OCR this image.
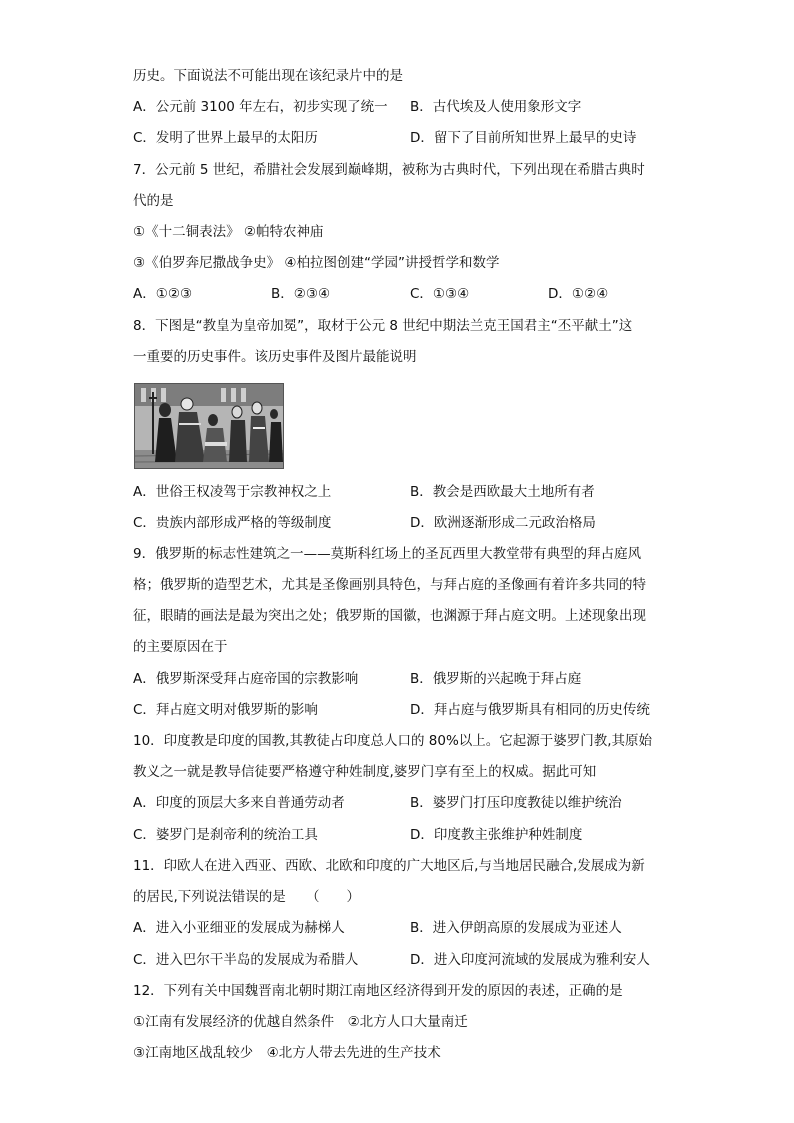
历史。下面说法不可能出现在该纪录片中的是
A．公元前 3100 年左右，初步实现了统一 B．古代埃及人使用象形文字
C．发明了世界上最早的太阳历	D．留下了目前所知世界上最早的史诗
7．公元前 5 世纪，希腊社会发展到巅峰期，被称为古典时代，下列出现在希腊古典时
代的是
①《十二铜表法》 ②帕特农神庙
③《伯罗奔尼撒战争史》 ④柏拉图创建“学园”讲授哲学和数学
A．①②③	B．②③④	C．①③④	D．①②④
8．下图是“教皇为皇帝加冕”，取材于公元 8 世纪中期法兰克王国君主“丕平献土”这
一重要的历史事件。该历史事件及图片最能说明
A．世俗王权凌驾于宗教神权之上	B．教会是西欧最大土地所有者
C．贵族内部形成严格的等级制度	D．欧洲逐渐形成二元政治格局
9．俄罗斯的标志性建筑之一——莫斯科红场上的圣瓦西里大教堂带有典型的拜占庭风
格；俄罗斯的造型艺术，尤其是圣像画别具特色，与拜占庭的圣像画有着许多共同的特
征，眼睛的画法是最为突出之处；俄罗斯的国徽，也渊源于拜占庭文明。上述现象出现
的主要原因在于
A．俄罗斯深受拜占庭帝国的宗教影响	B．俄罗斯的兴起晚于拜占庭
C．拜占庭文明对俄罗斯的影响	D．拜占庭与俄罗斯具有相同的历史传统
10．印度教是印度的国教,其教徒占印度总人口的 80%以上。它起源于婆罗门教,其原始
教义之一就是教导信徒要严格遵守种姓制度,婆罗门享有至上的权威。据此可知
A．印度的顶层大多来自普通劳动者	B．婆罗门打压印度教徒以维护统治
C．婆罗门是刹帝利的统治工具	D．印度教主张维护种姓制度
11．印欧人在进入西亚、西欧、北欧和印度的广大地区后,与当地居民融合,发展成为新
的居民,下列说法错误的是　　（　　）
A．进入小亚细亚的发展成为赫梯人	B．进入伊朗高原的发展成为亚述人
C．进入巴尔干半岛的发展成为希腊人	D．进入印度河流域的发展成为雅利安人
12．下列有关中国魏晋南北朝时期江南地区经济得到开发的原因的表述，正确的是
①江南有发展经济的优越自然条件　②北方人口大量南迁
③江南地区战乱较少　④北方人带去先进的生产技术
